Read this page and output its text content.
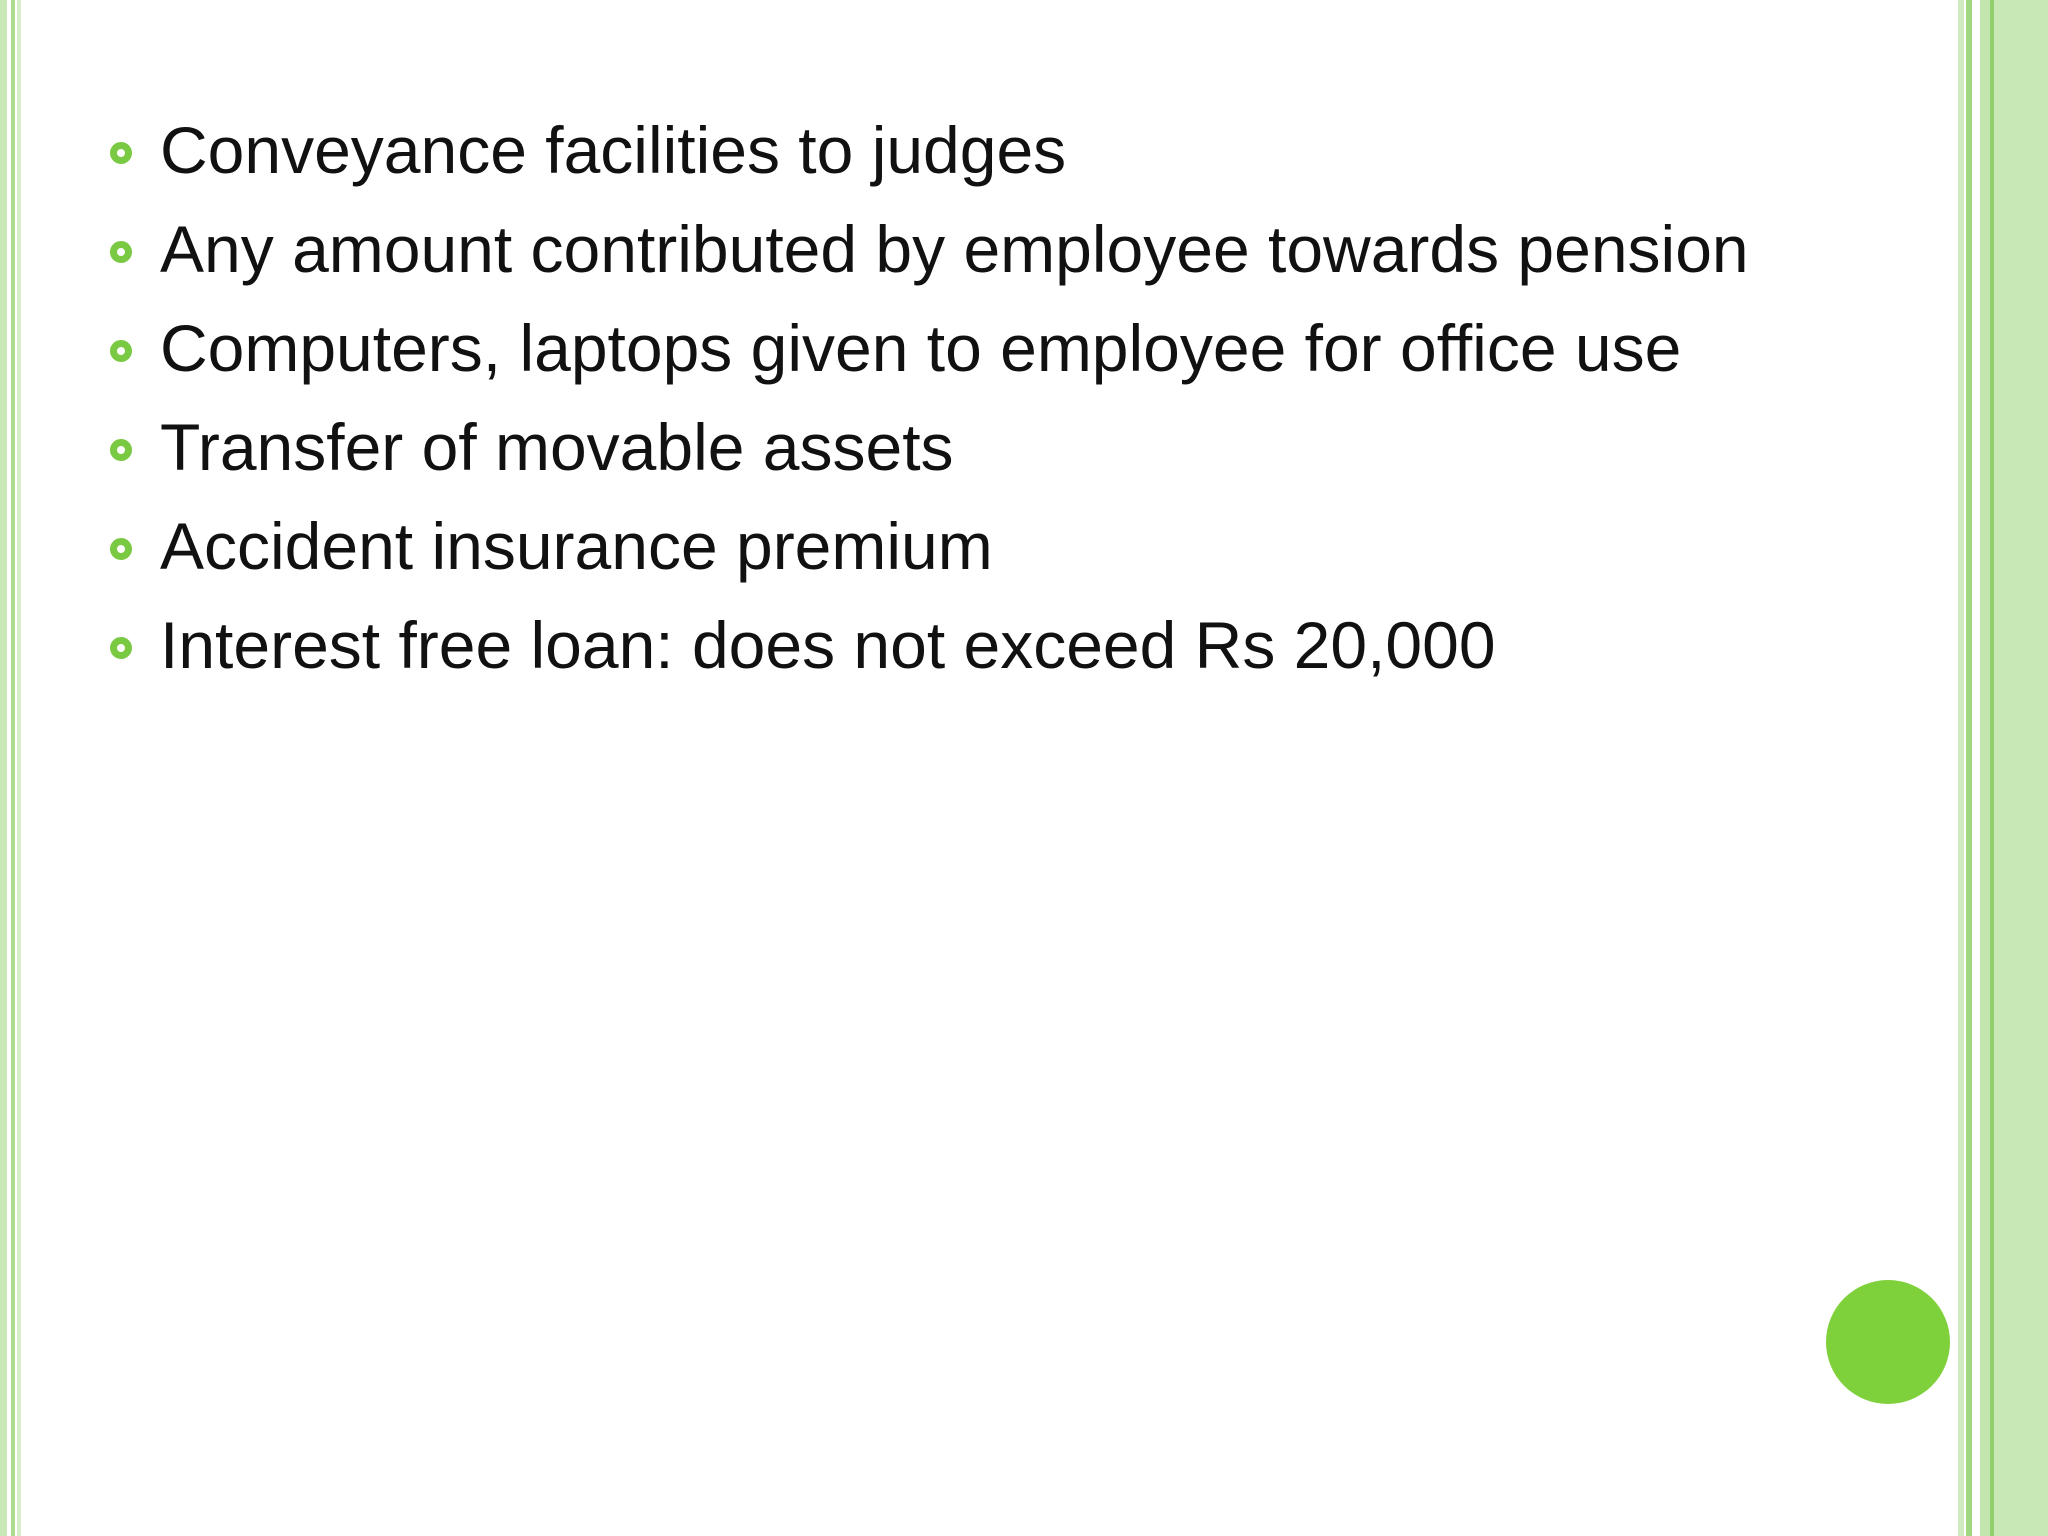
Conveyance facilities to judges
Any amount contributed by employee towards pension
Computers, laptops given to employee for office use
Transfer of movable assets
Accident insurance premium
Interest free loan: does not exceed Rs 20,000
